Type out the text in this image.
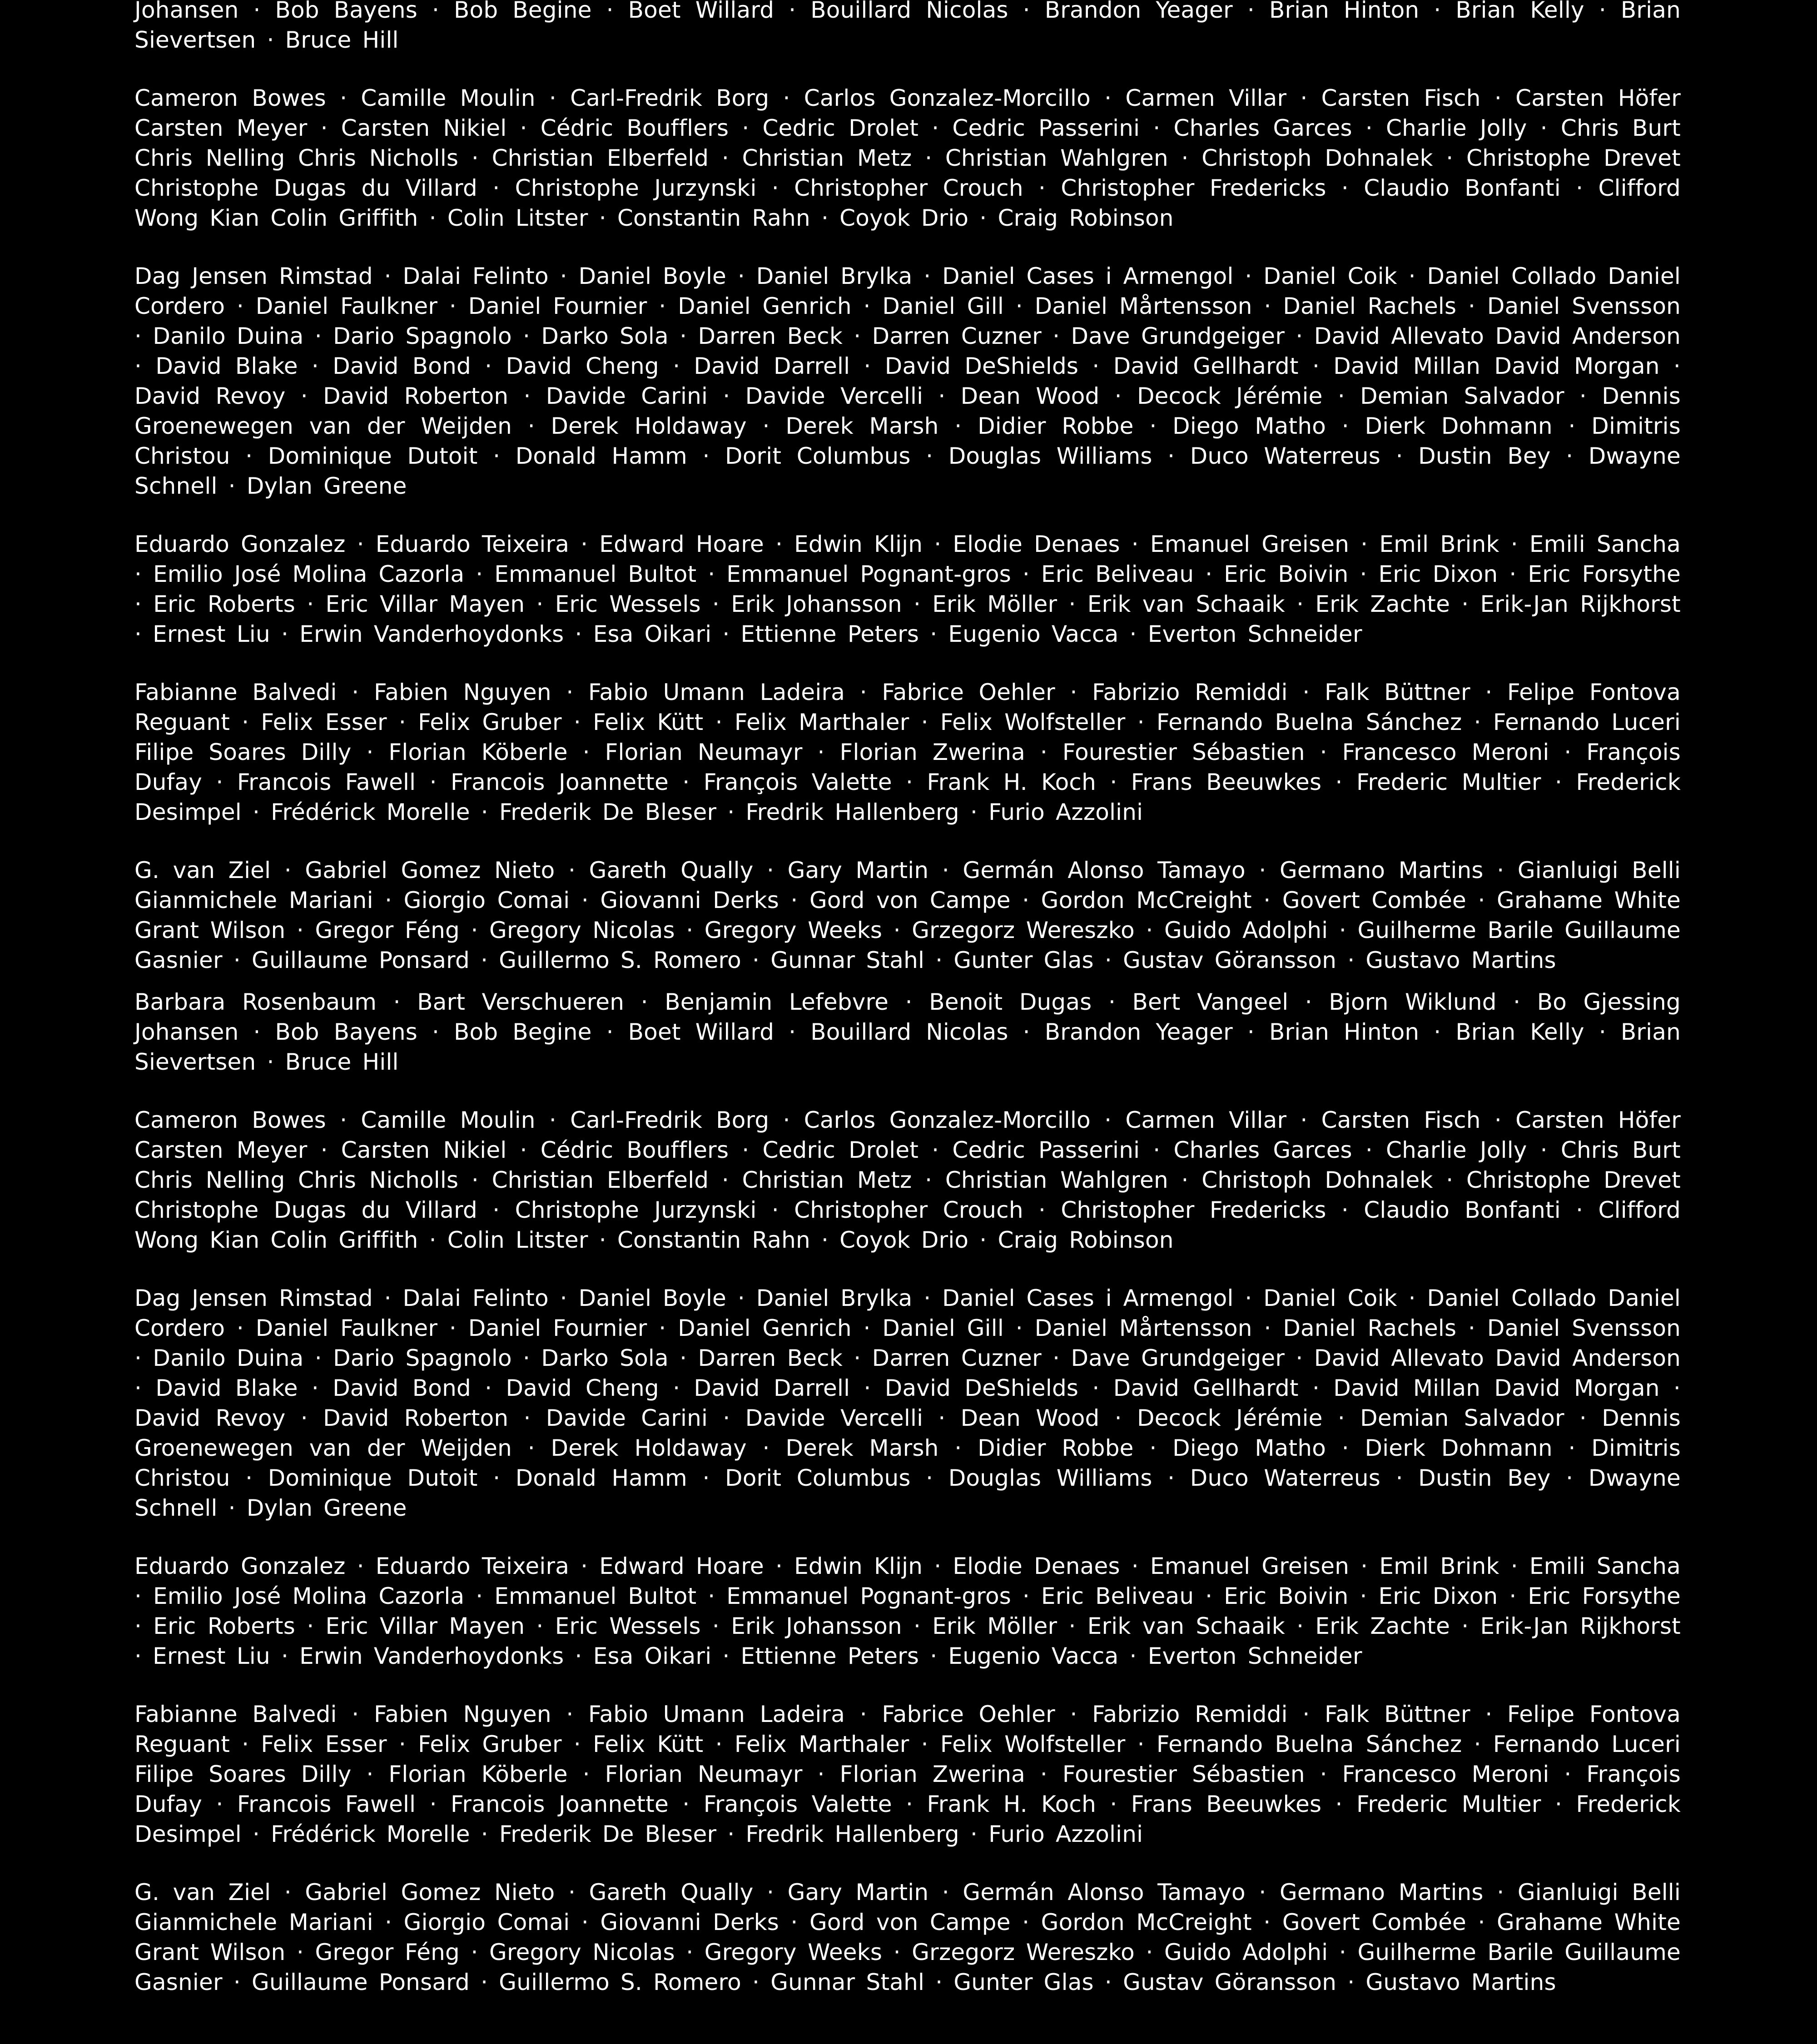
Johansen · Bob Bayens · Bob Begine · Boet Willard · Bouillard Nicolas · Brandon Yeager · Brian Hinton · Brian Kelly · Brian Sievertsen · Bruce Hill

Cameron Bowes · Camille Moulin · Carl-Fredrik Borg · Carlos Gonzalez-Morcillo · Carmen Villar · Carsten Fisch · Carsten Höfer Carsten Meyer · Carsten Nikiel · Cédric Boufflers · Cedric Drolet · Cedric Passerini · Charles Garces · Charlie Jolly · Chris Burt Chris Nelling Chris Nicholls · Christian Elberfeld · Christian Metz · Christian Wahlgren · Christoph Dohnalek · Christophe Drevet Christophe Dugas du Villard · Christophe Jurzynski · Christopher Crouch · Christopher Fredericks · Claudio Bonfanti · Clifford Wong Kian Colin Griffith · Colin Litster · Constantin Rahn · Coyok Drio · Craig Robinson

Dag Jensen Rimstad · Dalai Felinto · Daniel Boyle · Daniel Brylka · Daniel Cases i Armengol · Daniel Coik · Daniel Collado Daniel Cordero · Daniel Faulkner · Daniel Fournier · Daniel Genrich · Daniel Gill · Daniel Mårtensson · Daniel Rachels · Daniel Svensson · Danilo Duina · Dario Spagnolo · Darko Sola · Darren Beck · Darren Cuzner · Dave Grundgeiger · David Allevato David Anderson · David Blake · David Bond · David Cheng · David Darrell · David DeShields · David Gellhardt · David Millan David Morgan · David Revoy · David Roberton · Davide Carini · Davide Vercelli · Dean Wood · Decock Jérémie · Demian Salvador · Dennis Groenewegen van der Weijden · Derek Holdaway · Derek Marsh · Didier Robbe · Diego Matho · Dierk Dohmann · Dimitris Christou · Dominique Dutoit · Donald Hamm · Dorit Columbus · Douglas Williams · Duco Waterreus · Dustin Bey · Dwayne Schnell · Dylan Greene

Eduardo Gonzalez · Eduardo Teixeira · Edward Hoare · Edwin Klijn · Elodie Denaes · Emanuel Greisen · Emil Brink · Emili Sancha · Emilio José Molina Cazorla · Emmanuel Bultot · Emmanuel Pognant-gros · Eric Beliveau · Eric Boivin · Eric Dixon · Eric Forsythe · Eric Roberts · Eric Villar Mayen · Eric Wessels · Erik Johansson · Erik Möller · Erik van Schaaik · Erik Zachte · Erik-Jan Rijkhorst · Ernest Liu · Erwin Vanderhoydonks · Esa Oikari · Ettienne Peters · Eugenio Vacca · Everton Schneider

Fabianne Balvedi · Fabien Nguyen · Fabio Umann Ladeira · Fabrice Oehler · Fabrizio Remiddi · Falk Büttner · Felipe Fontova Reguant · Felix Esser · Felix Gruber · Felix Kütt · Felix Marthaler · Felix Wolfsteller · Fernando Buelna Sánchez · Fernando Luceri Filipe Soares Dilly · Florian Köberle · Florian Neumayr · Florian Zwerina · Fourestier Sébastien · Francesco Meroni · François Dufay · Francois Fawell · Francois Joannette · François Valette · Frank H. Koch · Frans Beeuwkes · Frederic Multier · Frederick Desimpel · Frédérick Morelle · Frederik De Bleser · Fredrik Hallenberg · Furio Azzolini

G. van Ziel · Gabriel Gomez Nieto · Gareth Qually · Gary Martin · Germán Alonso Tamayo · Germano Martins · Gianluigi Belli Gianmichele Mariani · Giorgio Comai · Giovanni Derks · Gord von Campe · Gordon McCreight · Govert Combée · Grahame White Grant Wilson · Gregor Féng · Gregory Nicolas · Gregory Weeks · Grzegorz Wereszko · Guido Adolphi · Guilherme Barile Guillaume Gasnier · Guillaume Ponsard · Guillermo S. Romero · Gunnar Stahl · Gunter Glas · Gustav Göransson · Gustavo Martins

Barbara Rosenbaum · Bart Verschueren · Benjamin Lefebvre · Benoit Dugas · Bert Vangeel · Bjorn Wiklund · Bo Gjessing Johansen · Bob Bayens · Bob Begine · Boet Willard · Bouillard Nicolas · Brandon Yeager · Brian Hinton · Brian Kelly · Brian Sievertsen · Bruce Hill

Cameron Bowes · Camille Moulin · Carl-Fredrik Borg · Carlos Gonzalez-Morcillo · Carmen Villar · Carsten Fisch · Carsten Höfer Carsten Meyer · Carsten Nikiel · Cédric Boufflers · Cedric Drolet · Cedric Passerini · Charles Garces · Charlie Jolly · Chris Burt Chris Nelling Chris Nicholls · Christian Elberfeld · Christian Metz · Christian Wahlgren · Christoph Dohnalek · Christophe Drevet Christophe Dugas du Villard · Christophe Jurzynski · Christopher Crouch · Christopher Fredericks · Claudio Bonfanti · Clifford Wong Kian Colin Griffith · Colin Litster · Constantin Rahn · Coyok Drio · Craig Robinson

Dag Jensen Rimstad · Dalai Felinto · Daniel Boyle · Daniel Brylka · Daniel Cases i Armengol · Daniel Coik · Daniel Collado Daniel Cordero · Daniel Faulkner · Daniel Fournier · Daniel Genrich · Daniel Gill · Daniel Mårtensson · Daniel Rachels · Daniel Svensson · Danilo Duina · Dario Spagnolo · Darko Sola · Darren Beck · Darren Cuzner · Dave Grundgeiger · David Allevato David Anderson · David Blake · David Bond · David Cheng · David Darrell · David DeShields · David Gellhardt · David Millan David Morgan · David Revoy · David Roberton · Davide Carini · Davide Vercelli · Dean Wood · Decock Jérémie · Demian Salvador · Dennis Groenewegen van der Weijden · Derek Holdaway · Derek Marsh · Didier Robbe · Diego Matho · Dierk Dohmann · Dimitris Christou · Dominique Dutoit · Donald Hamm · Dorit Columbus · Douglas Williams · Duco Waterreus · Dustin Bey · Dwayne Schnell · Dylan Greene

Eduardo Gonzalez · Eduardo Teixeira · Edward Hoare · Edwin Klijn · Elodie Denaes · Emanuel Greisen · Emil Brink · Emili Sancha · Emilio José Molina Cazorla · Emmanuel Bultot · Emmanuel Pognant-gros · Eric Beliveau · Eric Boivin · Eric Dixon · Eric Forsythe · Eric Roberts · Eric Villar Mayen · Eric Wessels · Erik Johansson · Erik Möller · Erik van Schaaik · Erik Zachte · Erik-Jan Rijkhorst · Ernest Liu · Erwin Vanderhoydonks · Esa Oikari · Ettienne Peters · Eugenio Vacca · Everton Schneider

Fabianne Balvedi · Fabien Nguyen · Fabio Umann Ladeira · Fabrice Oehler · Fabrizio Remiddi · Falk Büttner · Felipe Fontova Reguant · Felix Esser · Felix Gruber · Felix Kütt · Felix Marthaler · Felix Wolfsteller · Fernando Buelna Sánchez · Fernando Luceri Filipe Soares Dilly · Florian Köberle · Florian Neumayr · Florian Zwerina · Fourestier Sébastien · Francesco Meroni · François Dufay · Francois Fawell · Francois Joannette · François Valette · Frank H. Koch · Frans Beeuwkes · Frederic Multier · Frederick Desimpel · Frédérick Morelle · Frederik De Bleser · Fredrik Hallenberg · Furio Azzolini

G. van Ziel · Gabriel Gomez Nieto · Gareth Qually · Gary Martin · Germán Alonso Tamayo · Germano Martins · Gianluigi Belli Gianmichele Mariani · Giorgio Comai · Giovanni Derks · Gord von Campe · Gordon McCreight · Govert Combée · Grahame White Grant Wilson · Gregor Féng · Gregory Nicolas · Gregory Weeks · Grzegorz Wereszko · Guido Adolphi · Guilherme Barile Guillaume Gasnier · Guillaume Ponsard · Guillermo S. Romero · Gunnar Stahl · Gunter Glas · Gustav Göransson · Gustavo Martins
